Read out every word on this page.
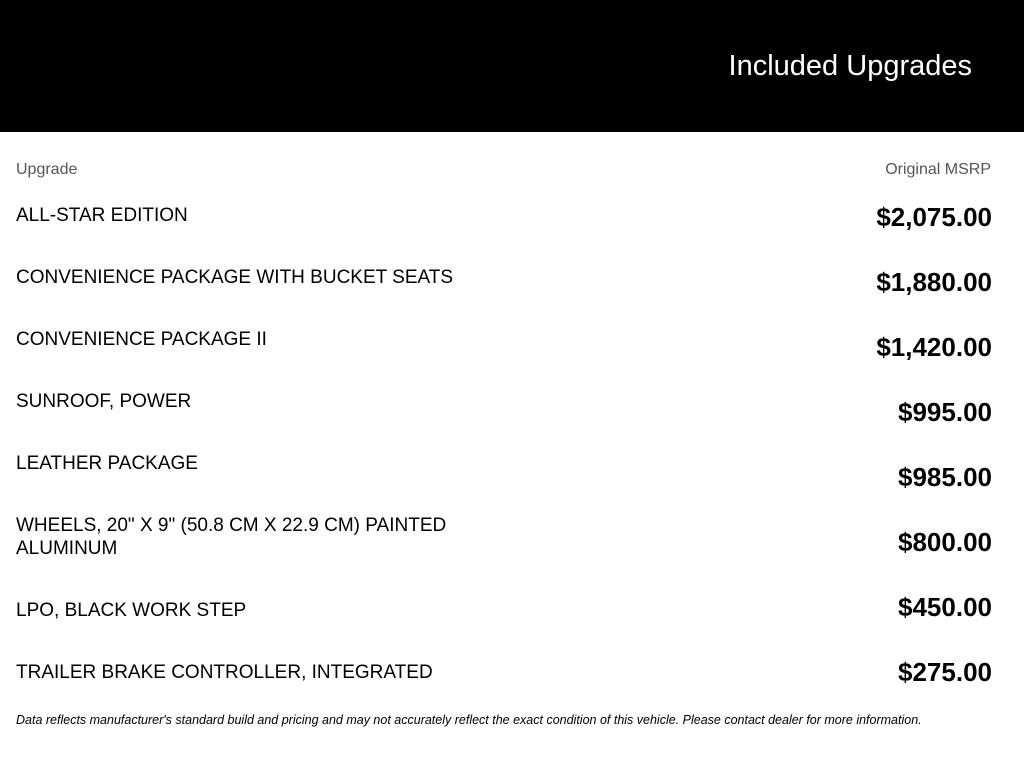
Included Upgrades
Upgrade	Original MSRP
ALL-STAR EDITION	$2,075.00
CONVENIENCE PACKAGE WITH BUCKET SEATS	$1,880.00
CONVENIENCE PACKAGE II	$1,420.00
SUNROOF, POWER	$995.00
LEATHER PACKAGE	$985.00
WHEELS, 20" X 9" (50.8 CM X 22.9 CM) PAINTED ALUMINUM	$800.00
LPO, BLACK WORK STEP	$450.00
TRAILER BRAKE CONTROLLER, INTEGRATED	$275.00
Data reflects manufacturer's standard build and pricing and may not accurately reflect the exact condition of this vehicle. Please contact dealer for more information.
